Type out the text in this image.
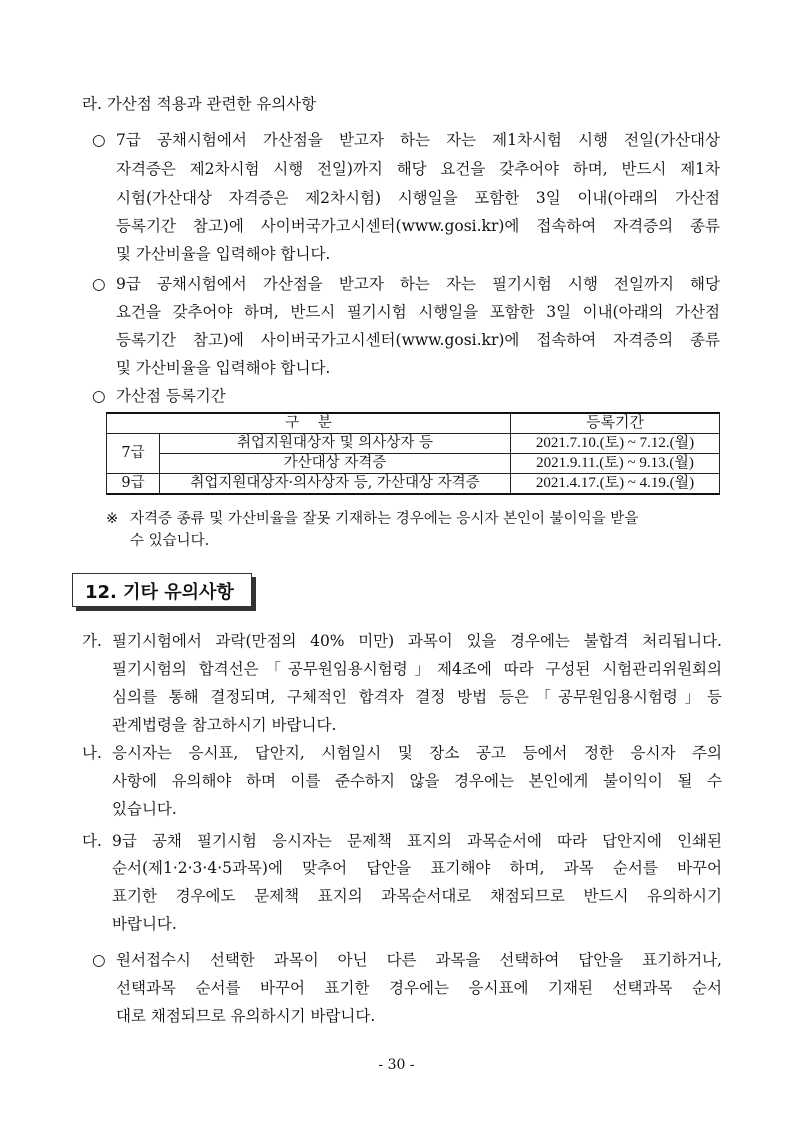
라. 가산점 적용과 관련한 유의사항
○ 7급 공채시험에서 가산점을 받고자 하는 자는 제1차시험 시행 전일(가산대상
자격증은 제2차시험 시행 전일)까지 해당 요건을 갖추어야 하며, 반드시 제1차
시험(가산대상 자격증은 제2차시험) 시행일을 포함한 3일 이내(아래의 가산점
등록기간 참고)에 사이버국가고시센터(www.gosi.kr)에 접속하여 자격증의 종류
및 가산비율을 입력해야 합니다.
○ 9급 공채시험에서 가산점을 받고자 하는 자는 필기시험 시행 전일까지 해당
요건을 갖추어야 하며, 반드시 필기시험 시행일을 포함한 3일 이내(아래의 가산점
등록기간 참고)에 사이버국가고시센터(www.gosi.kr)에 접속하여 자격증의 종류
및 가산비율을 입력해야 합니다.
○ 가산점 등록기간
구    분		등록기간
7급	취업지원대상자 및 의사상자 등	2021.7.10.(토) ~ 7.12.(월)
	가산대상 자격증	2021.9.11.(토) ~ 9.13.(월)
9급	취업지원대상자·의사상자 등, 가산대상 자격증	2021.4.17.(토) ~ 4.19.(월)
※ 자격증 종류 및 가산비율을 잘못 기재하는 경우에는 응시자 본인이 불이익을 받을
수 있습니다.
12. 기타 유의사항
가. 필기시험에서 과락(만점의 40% 미만) 과목이 있을 경우에는 불합격 처리됩니다.
필기시험의 합격선은「공무원임용시험령」제4조에 따라 구성된 시험관리위원회의
심의를 통해 결정되며, 구체적인 합격자 결정 방법 등은「공무원임용시험령」등
관계법령을 참고하시기 바랍니다.
나. 응시자는 응시표, 답안지, 시험일시 및 장소 공고 등에서 정한 응시자 주의
사항에 유의해야 하며 이를 준수하지 않을 경우에는 본인에게 불이익이 될 수
있습니다.
다. 9급 공채 필기시험 응시자는 문제책 표지의 과목순서에 따라 답안지에 인쇄된
순서(제1·2·3·4·5과목)에 맞추어 답안을 표기해야 하며, 과목 순서를 바꾸어
표기한 경우에도 문제책 표지의 과목순서대로 채점되므로 반드시 유의하시기
바랍니다.
○ 원서접수시 선택한 과목이 아닌 다른 과목을 선택하여 답안을 표기하거나,
선택과목 순서를 바꾸어 표기한 경우에는 응시표에 기재된 선택과목 순서
대로 채점되므로 유의하시기 바랍니다.
- 30 -
